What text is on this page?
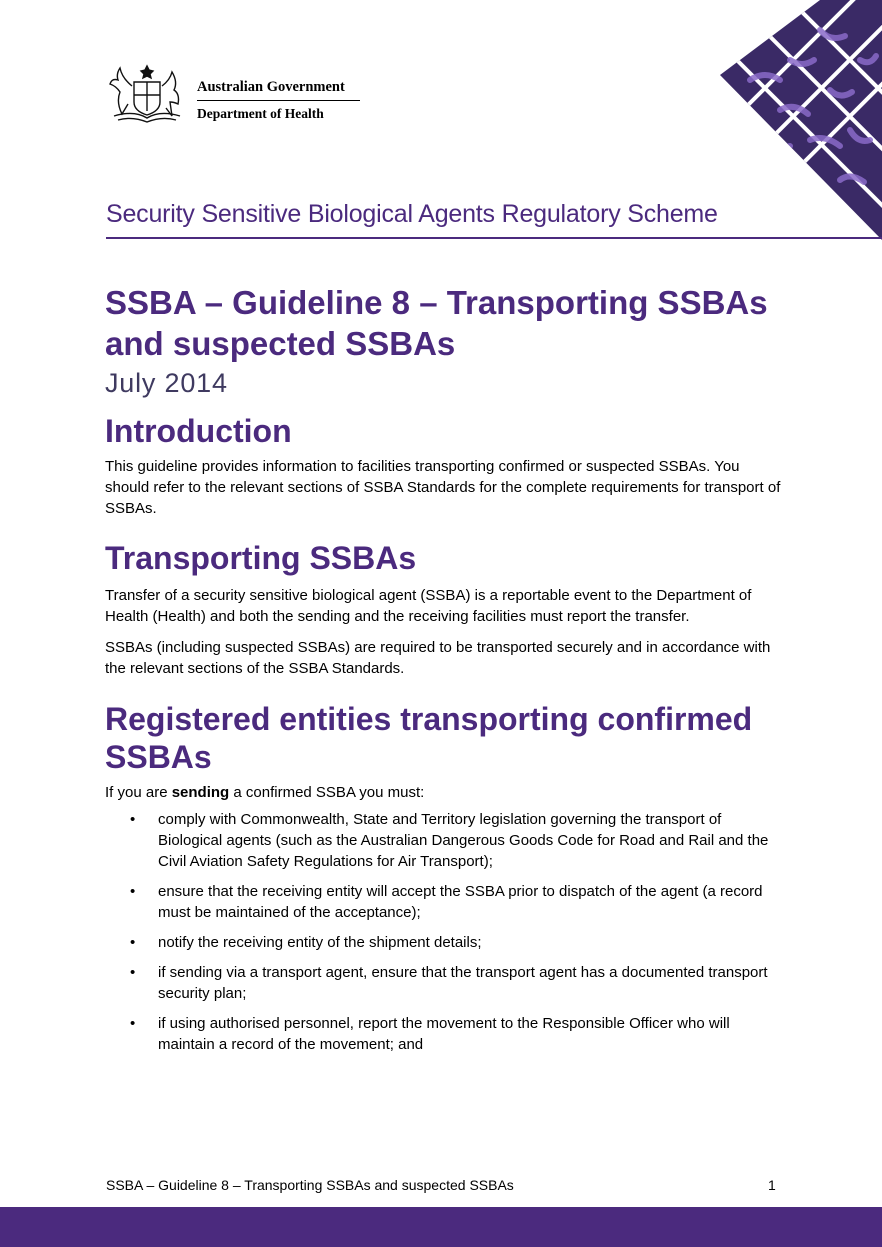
Australian Government
Department of Health
Security Sensitive Biological Agents Regulatory Scheme
SSBA – Guideline 8 – Transporting SSBAs and suspected SSBAs
July 2014
Introduction

This guideline provides information to facilities transporting confirmed or suspected SSBAs. You should refer to the relevant sections of SSBA Standards for the complete requirements for transport of SSBAs.

Transporting SSBAs

Transfer of a security sensitive biological agent (SSBA) is a reportable event to the Department of Health (Health) and both the sending and the receiving facilities must report the transfer.

SSBAs (including suspected SSBAs) are required to be transported securely and in accordance with the relevant sections of the SSBA Standards.

Registered entities transporting confirmed SSBAs

If you are sending a confirmed SSBA you must:

• comply with Commonwealth, State and Territory legislation governing the transport of Biological agents (such as the Australian Dangerous Goods Code for Road and Rail and the Civil Aviation Safety Regulations for Air Transport);
• ensure that the receiving entity will accept the SSBA prior to dispatch of the agent (a record must be maintained of the acceptance);
• notify the receiving entity of the shipment details;
• if sending via a transport agent, ensure that the transport agent has a documented transport security plan;
• if using authorised personnel, report the movement to the Responsible Officer who will maintain a record of the movement; and
SSBA – Guideline 8 – Transporting SSBAs and suspected SSBAs	1
